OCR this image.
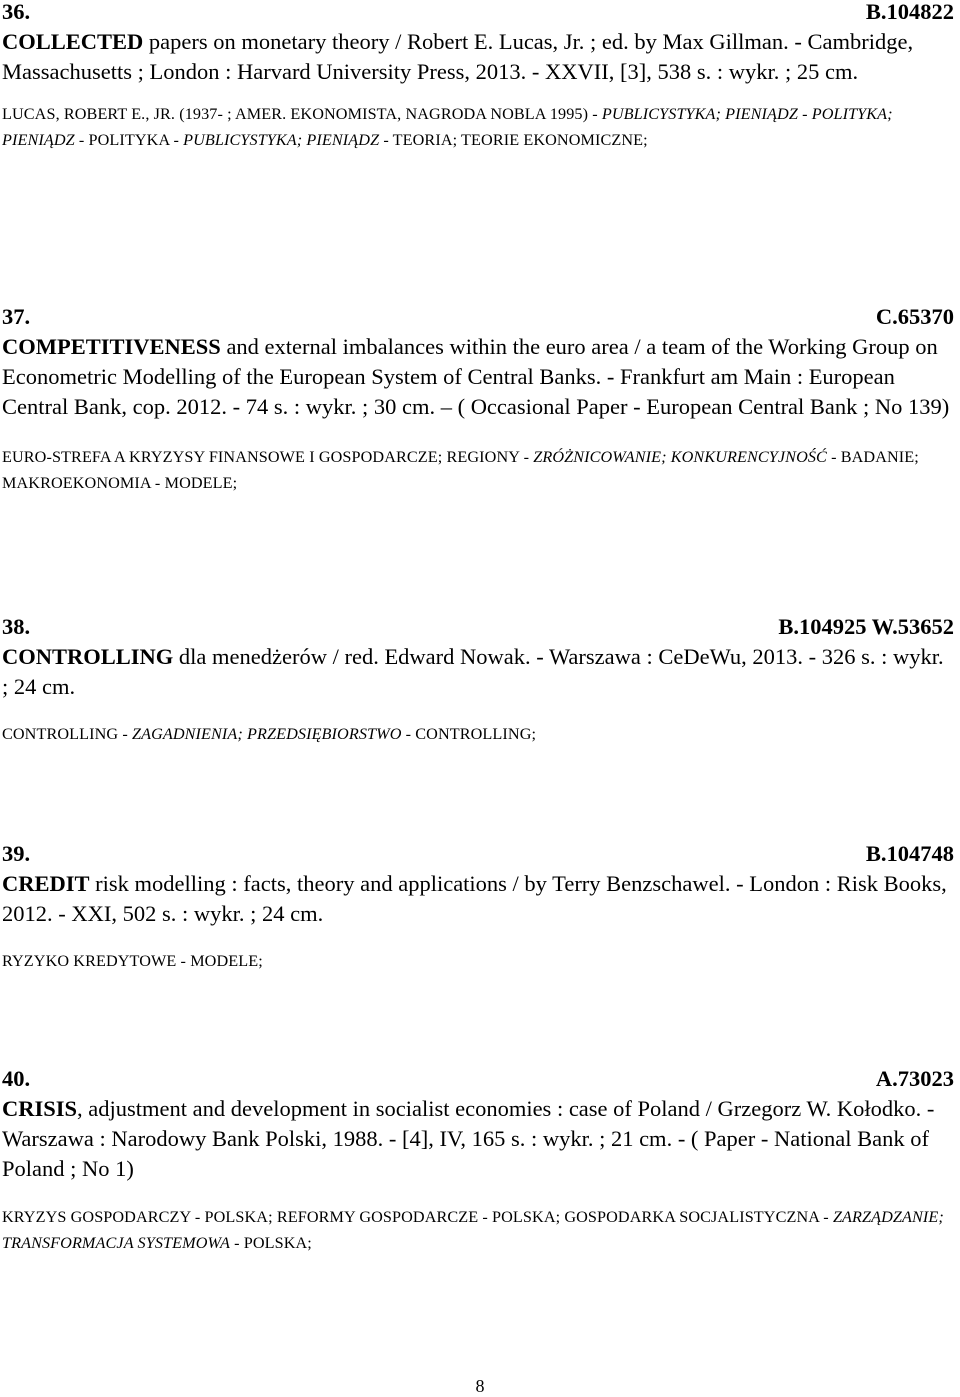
36.	B.104822
COLLECTED papers on monetary theory / Robert E. Lucas, Jr. ; ed. by Max Gillman. - Cambridge, Massachusetts ; London : Harvard University Press, 2013. - XXVII, [3], 538 s. : wykr. ; 25 cm.
LUCAS, ROBERT E., JR. (1937- ; AMER. EKONOMISTA, NAGRODA NOBLA 1995) - PUBLICYSTYKA; PIENIĄDZ - POLITYKA; PIENIĄDZ - POLITYKA - PUBLICYSTYKA; PIENIĄDZ - TEORIA; TEORIE EKONOMICZNE;
37.	C.65370
COMPETITIVENESS and external imbalances within the euro area / a team of the Working Group on Econometric Modelling of the European System of Central Banks. - Frankfurt am Main : European Central Bank, cop. 2012. - 74 s. : wykr. ; 30 cm. – ( Occasional Paper - European Central Bank ; No 139)
EURO-STREFA A KRYZYSY FINANSOWE I GOSPODARCZE; REGIONY - ZRÓŻNICOWANIE; KONKURENCYJNOŚĆ - BADANIE; MAKROEKONOMIA - MODELE;
38.	B.104925 W.53652
CONTROLLING dla menedżerów / red. Edward Nowak. - Warszawa : CeDeWu, 2013. - 326 s. : wykr. ; 24 cm.
CONTROLLING - ZAGADNIENIA; PRZEDSIĘBIORSTWO - CONTROLLING;
39.	B.104748
CREDIT risk modelling : facts, theory and applications / by Terry Benzschawel. - London : Risk Books, 2012. - XXI, 502 s. : wykr. ; 24 cm.
RYZYKO KREDYTOWE - MODELE;
40.	A.73023
CRISIS, adjustment and development in socialist economies : case of Poland / Grzegorz W. Kołodko. - Warszawa : Narodowy Bank Polski, 1988. - [4], IV, 165 s. : wykr. ; 21 cm. - ( Paper - National Bank of Poland ; No 1)
KRYZYS GOSPODARCZY - POLSKA; REFORMY GOSPODARCZE - POLSKA; GOSPODARKA SOCJALISTYCZNA - ZARZĄDZANIE; TRANSFORMACJA SYSTEMOWA - POLSKA;
8
